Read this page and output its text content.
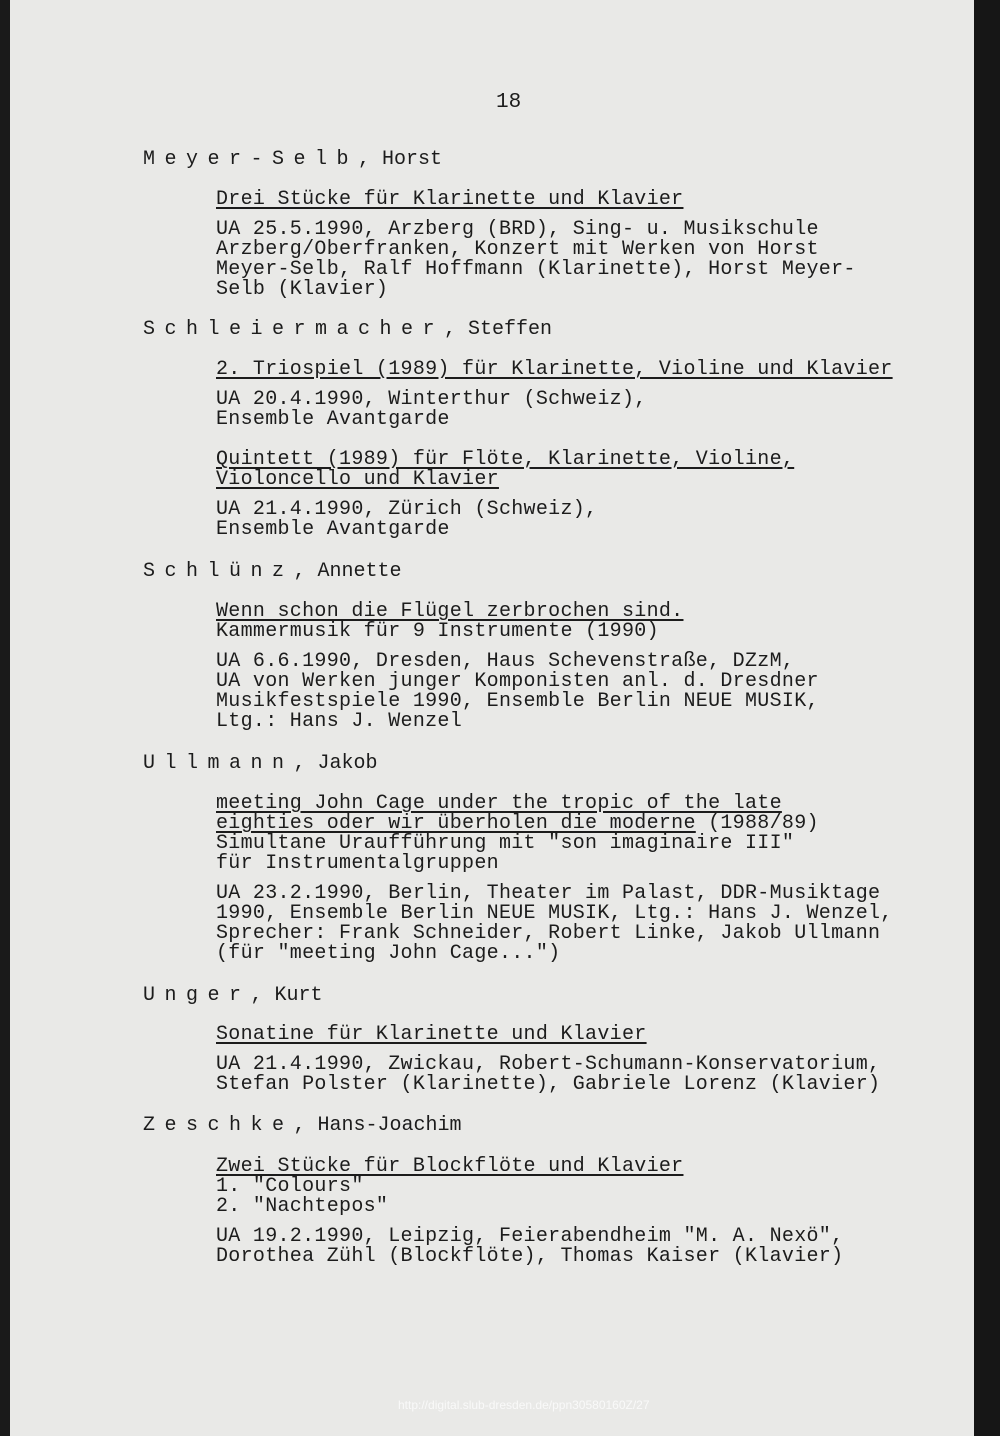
18
Meyer-Selb, Horst
Drei Stücke für Klarinette und Klavier
UA 25.5.1990, Arzberg (BRD), Sing- u. Musikschule
Arzberg/Oberfranken, Konzert mit Werken von Horst
Meyer-Selb, Ralf Hoffmann (Klarinette), Horst Meyer-
Selb (Klavier)
Schleiermacher, Steffen
2. Triospiel (1989) für Klarinette, Violine und Klavier
UA 20.4.1990, Winterthur (Schweiz),
Ensemble Avantgarde
Quintett (1989) für Flöte, Klarinette, Violine,
Violoncello und Klavier
UA 21.4.1990, Zürich (Schweiz),
Ensemble Avantgarde
Schlünz, Annette
Wenn schon die Flügel zerbrochen sind.
Kammermusik für 9 Instrumente (1990)
UA 6.6.1990, Dresden, Haus Schevenstraße, DZzM,
UA von Werken junger Komponisten anl. d. Dresdner
Musikfestspiele 1990, Ensemble Berlin NEUE MUSIK,
Ltg.: Hans J. Wenzel
Ullmann, Jakob
meeting John Cage under the tropic of the late
eighties oder wir überholen die moderne (1988/89)
Simultane Uraufführung mit "son imaginaire III"
für Instrumentalgruppen
UA 23.2.1990, Berlin, Theater im Palast, DDR-Musiktage
1990, Ensemble Berlin NEUE MUSIK, Ltg.: Hans J. Wenzel,
Sprecher: Frank Schneider, Robert Linke, Jakob Ullmann
(für "meeting John Cage...")
Unger, Kurt
Sonatine für Klarinette und Klavier
UA 21.4.1990, Zwickau, Robert-Schumann-Konservatorium,
Stefan Polster (Klarinette), Gabriele Lorenz (Klavier)
Zeschke, Hans-Joachim
Zwei Stücke für Blockflöte und Klavier
1. "Colours"
2. "Nachtepos"
UA 19.2.1990, Leipzig, Feierabendheim "M. A. Nexö",
Dorothea Zühl (Blockflöte), Thomas Kaiser (Klavier)
http://digital.slub-dresden.de/ppn30580160Z/27
